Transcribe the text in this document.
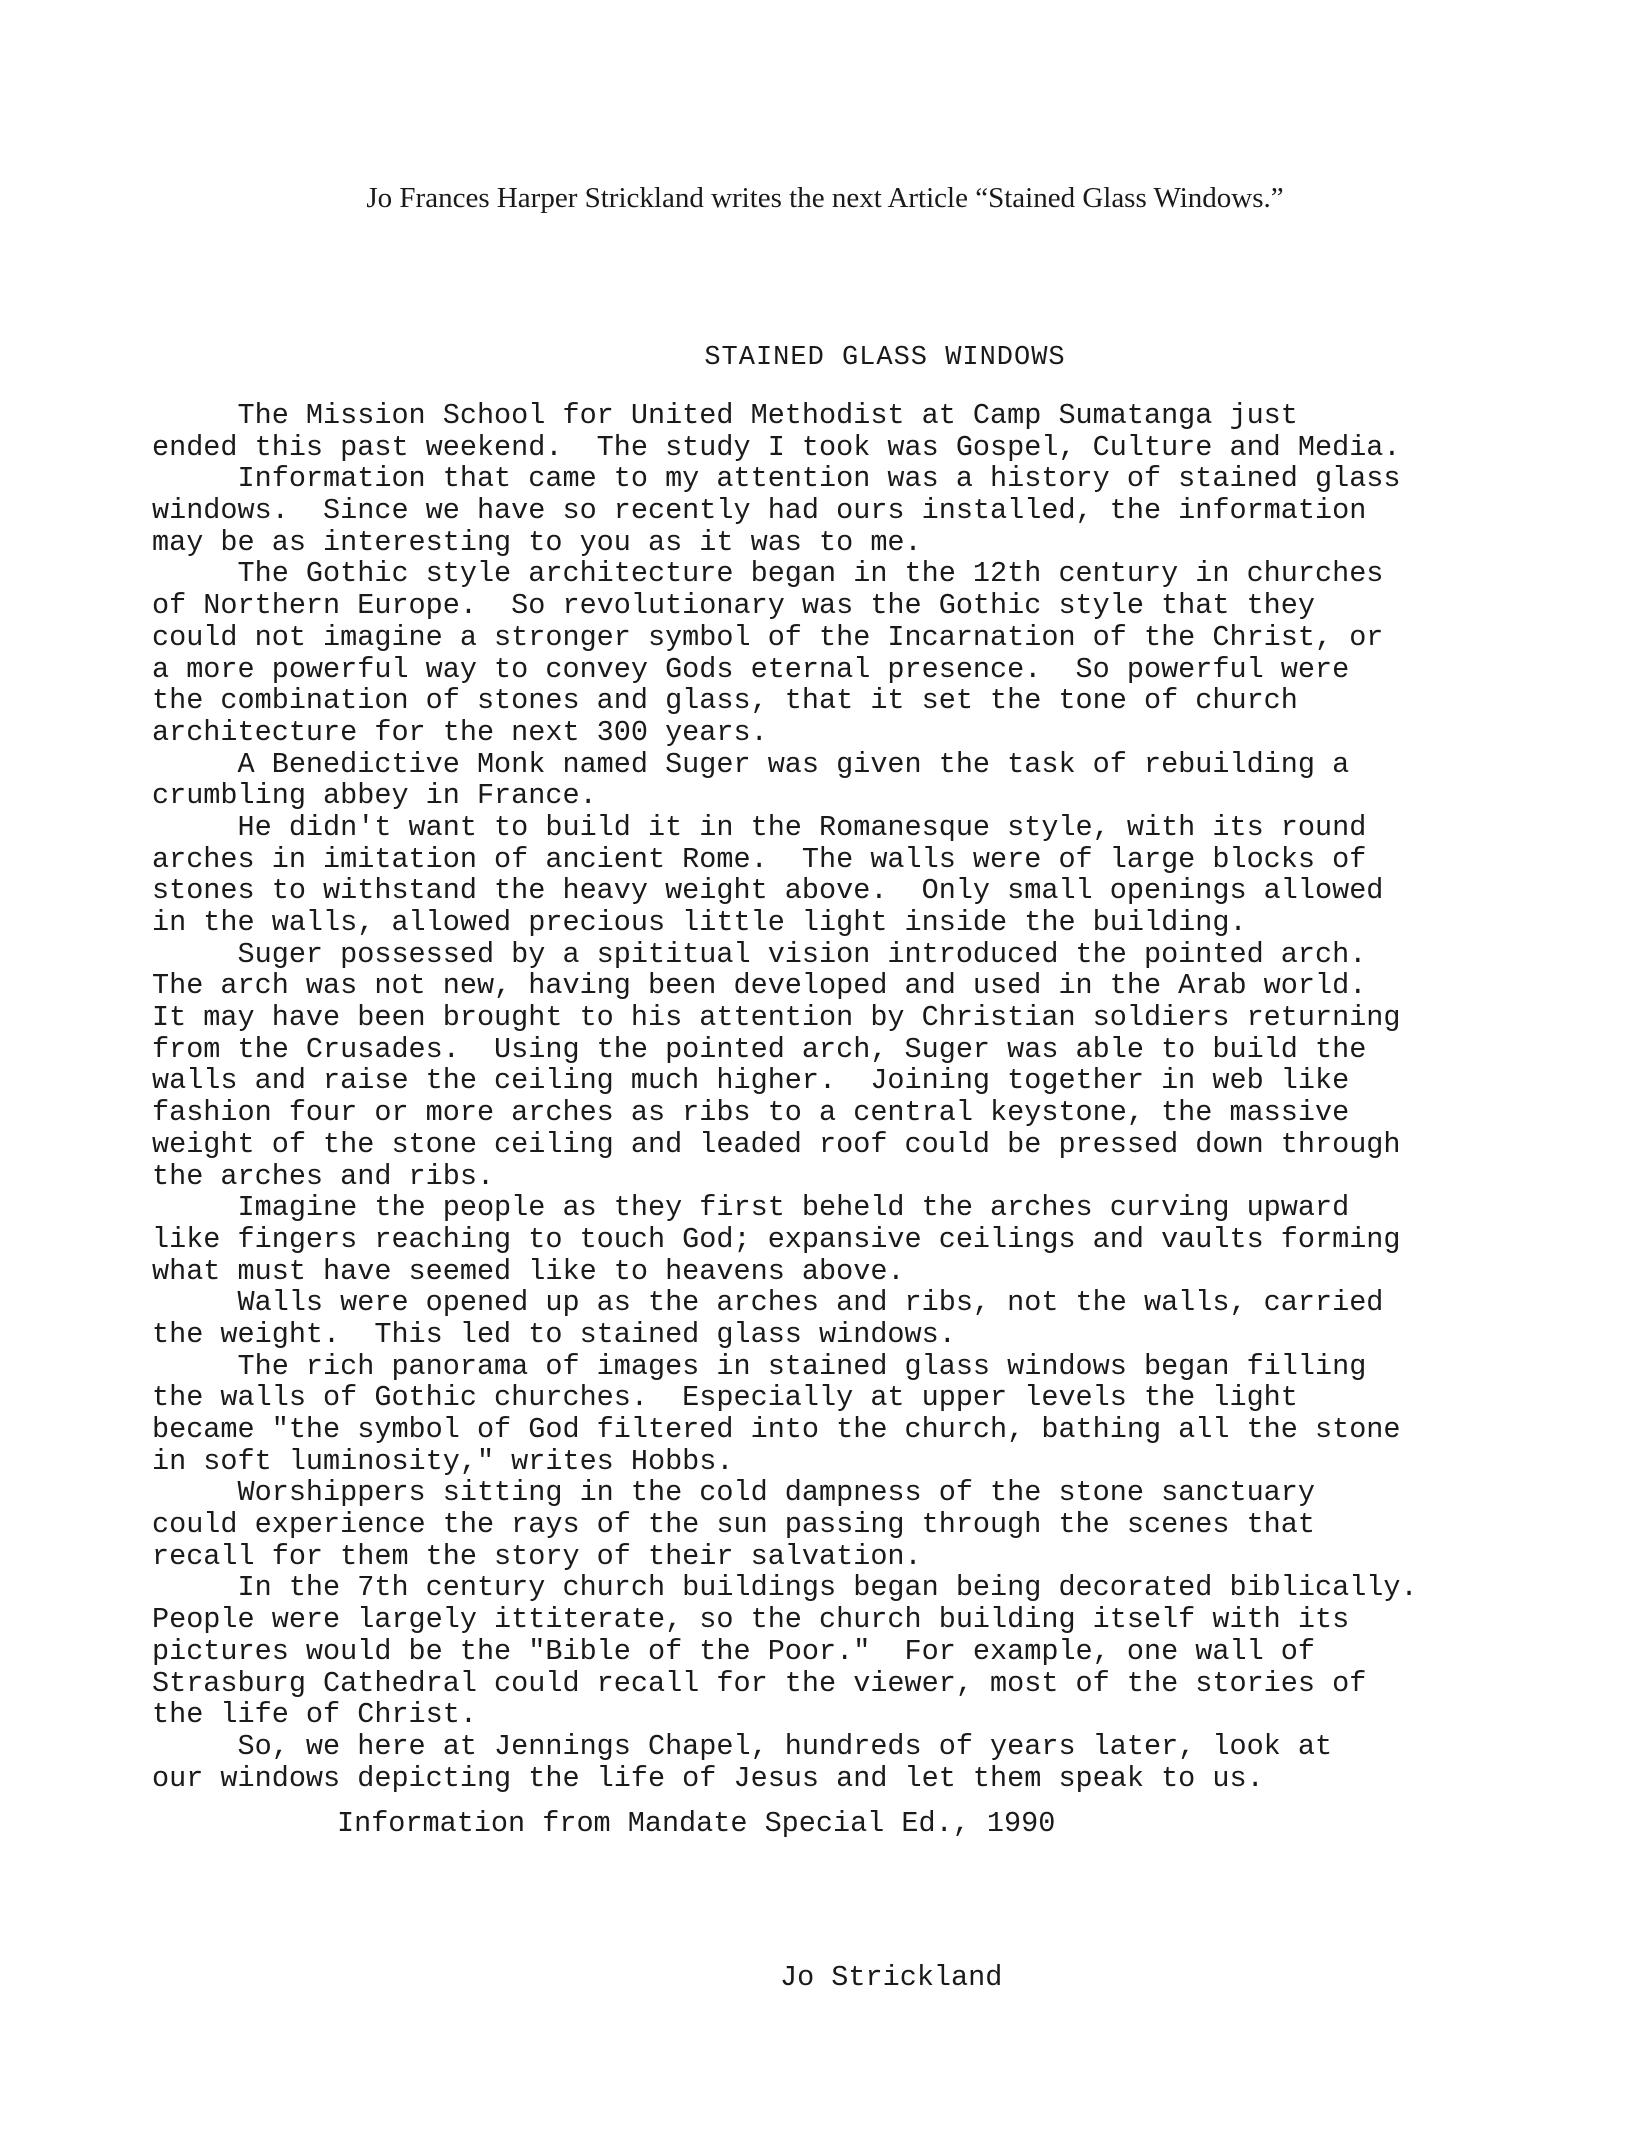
Jo Frances Harper Strickland writes the next Article “Stained Glass Windows.”
STAINED GLASS WINDOWS
The Mission School for United Methodist at Camp Sumatanga just
ended this past weekend.  The study I took was Gospel, Culture and Media.
Information that came to my attention was a history of stained glass
windows.  Since we have so recently had ours installed, the information
may be as interesting to you as it was to me.
The Gothic style architecture began in the 12th century in churches
of Northern Europe.  So revolutionary was the Gothic style that they
could not imagine a stronger symbol of the Incarnation of the Christ, or
a more powerful way to convey Gods eternal presence.  So powerful were
the combination of stones and glass, that it set the tone of church
architecture for the next 300 years.
A Benedictive Monk named Suger was given the task of rebuilding a
crumbling abbey in France.
He didn't want to build it in the Romanesque style, with its round
arches in imitation of ancient Rome.  The walls were of large blocks of
stones to withstand the heavy weight above.  Only small openings allowed
in the walls, allowed precious little light inside the building.
Suger possessed by a spititual vision introduced the pointed arch.
The arch was not new, having been developed and used in the Arab world.
It may have been brought to his attention by Christian soldiers returning
from the Crusades.  Using the pointed arch, Suger was able to build the
walls and raise the ceiling much higher.  Joining together in web like
fashion four or more arches as ribs to a central keystone, the massive
weight of the stone ceiling and leaded roof could be pressed down through
the arches and ribs.
Imagine the people as they first beheld the arches curving upward
like fingers reaching to touch God; expansive ceilings and vaults forming
what must have seemed like to heavens above.
Walls were opened up as the arches and ribs, not the walls, carried
the weight.  This led to stained glass windows.
The rich panorama of images in stained glass windows began filling
the walls of Gothic churches.  Especially at upper levels the light
became "the symbol of God filtered into the church, bathing all the stone
in soft luminosity," writes Hobbs.
Worshippers sitting in the cold dampness of the stone sanctuary
could experience the rays of the sun passing through the scenes that
recall for them the story of their salvation.
In the 7th century church buildings began being decorated biblically.
People were largely ittiterate, so the church building itself with its
pictures would be the "Bible of the Poor."  For example, one wall of
Strasburg Cathedral could recall for the viewer, most of the stories of
the life of Christ.
So, we here at Jennings Chapel, hundreds of years later, look at
our windows depicting the life of Jesus and let them speak to us.
Information from Mandate Special Ed., 1990
Jo Strickland
